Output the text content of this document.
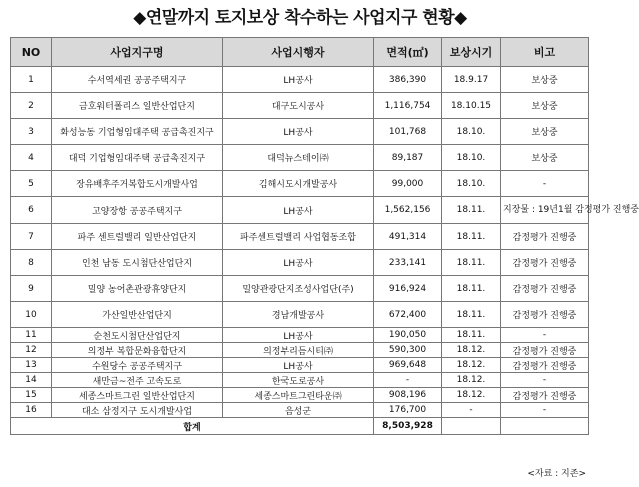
◆연말까지 토지보상 착수하는 사업지구 현황◆
NO	사업지구명	사업시행자	면적(㎡)	보상시기	비고
1	수서역세권 공공주택지구	LH공사	386,390	18.9.17	보상중
2	금호워터폴리스 일반산업단지	대구도시공사	1,116,754	18.10.15	보상중
3	화성능동 기업형임대주택 공급촉진지구	LH공사	101,768	18.10.	보상중
4	대덕 기업형임대주택 공급촉진지구	대덕뉴스테이㈜	89,187	18.10.	보상중
5	장유배후주거복합도시개발사업	김해시도시개발공사	99,000	18.10.	-
6	고양장항 공공주택지구	LH공사	1,562,156	18.11.	지장물 : 19년1월 감정평가 진행중
7	파주 센트럴밸리 일반산업단지	파주센트럴밸리 사업협동조합	491,314	18.11.	감정평가 진행중
8	인천 남동 도시첨단산업단지	LH공사	233,141	18.11.	감정평가 진행중
9	밀양 농어촌관광휴양단지	밀양관광단지조성사업단(주)	916,924	18.11.	감정평가 진행중
10	가산일반산업단지	경남개발공사	672,400	18.11.	감정평가 진행중
11	순천도시첨단산업단지	LH공사	190,050	18.11.	-
12	의정부 복합문화융합단지	의정부리듬시티㈜	590,300	18.12.	감정평가 진행중
13	수원당수 공공주택지구	LH공사	969,648	18.12.	감정평가 진행중
14	새만금~전주 고속도로	한국도로공사	-	18.12.	-
15	세종스마트그린 일반산업단지	세종스마트그린타운㈜	908,196	18.12.	감정평가 진행중
16	대소 삼정지구 도시개발사업	음성군	176,700	-	-
합계			8,503,928		
<자료 : 지존>
